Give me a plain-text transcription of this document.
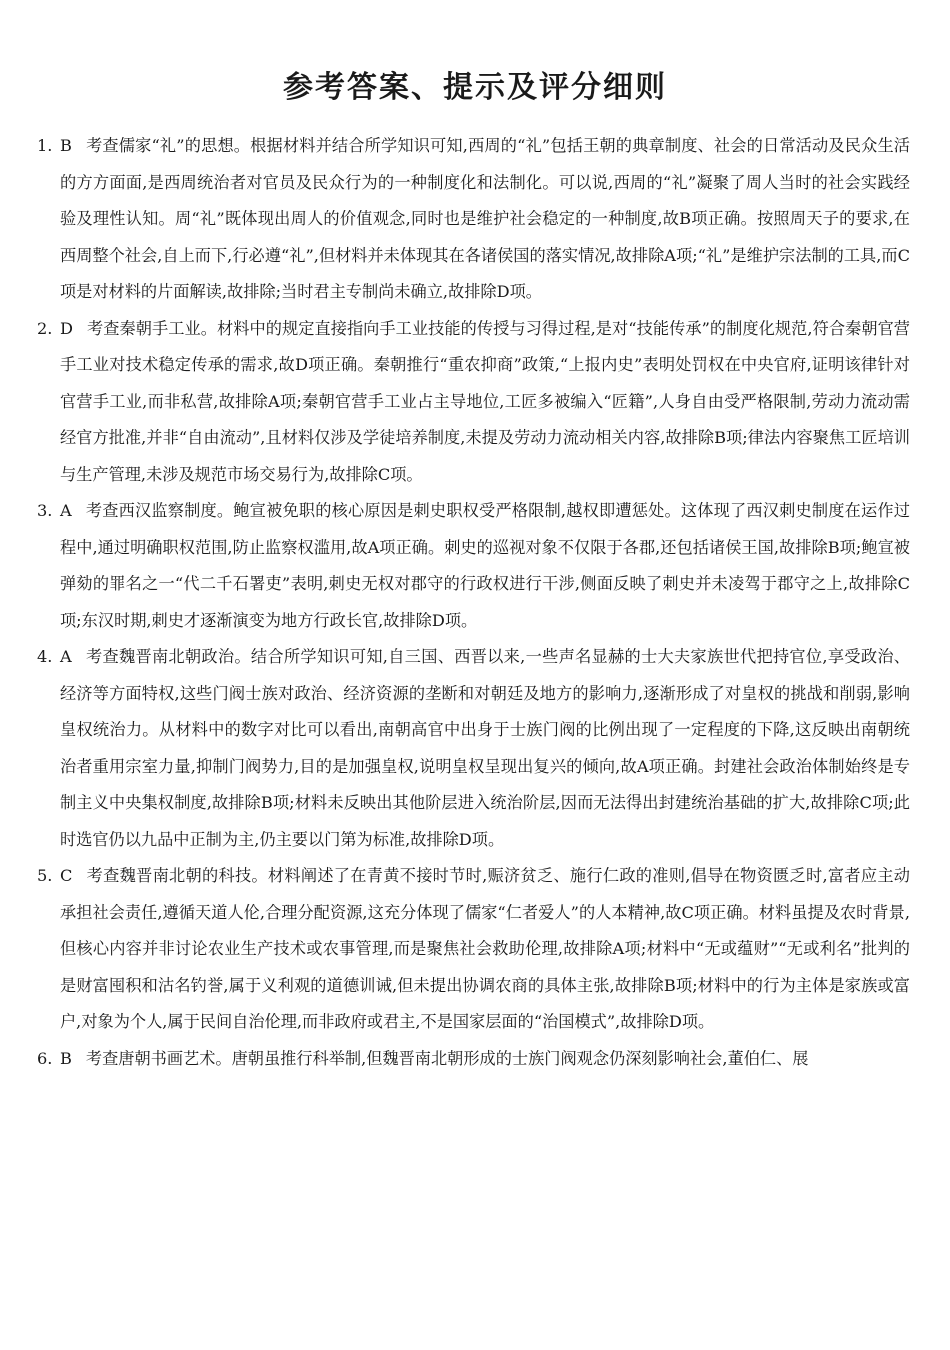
参考答案、提示及评分细则

1. B 考查儒家“礼”的思想。根据材料并结合所学知识可知,西周的“礼”包括王朝的典章制度、社会的日常活动及民众生活的方方面面,是西周统治者对官员及民众行为的一种制度化和法制化。可以说,西周的“礼”凝聚了周人当时的社会实践经验及理性认知。周“礼”既体现出周人的价值观念,同时也是维护社会稳定的一种制度,故B项正确。按照周天子的要求,在西周整个社会,自上而下,行必遵“礼”,但材料并未体现其在各诸侯国的落实情况,故排除A项;“礼”是维护宗法制的工具,而C项是对材料的片面解读,故排除;当时君主专制尚未确立,故排除D项。

2. D 考查秦朝手工业。材料中的规定直接指向手工业技能的传授与习得过程,是对“技能传承”的制度化规范,符合秦朝官营手工业对技术稳定传承的需求,故D项正确。秦朝推行“重农抑商”政策,“上报内史”表明处罚权在中央官府,证明该律针对官营手工业,而非私营,故排除A项;秦朝官营手工业占主导地位,工匠多被编入“匠籍”,人身自由受严格限制,劳动力流动需经官方批准,并非“自由流动”,且材料仅涉及学徒培养制度,未提及劳动力流动相关内容,故排除B项;律法内容聚焦工匠培训与生产管理,未涉及规范市场交易行为,故排除C项。

3. A 考查西汉监察制度。鲍宣被免职的核心原因是刺史职权受严格限制,越权即遭惩处。这体现了西汉刺史制度在运作过程中,通过明确职权范围,防止监察权滥用,故A项正确。刺史的巡视对象不仅限于各郡,还包括诸侯王国,故排除B项;鲍宣被弹劾的罪名之一“代二千石署吏”表明,刺史无权对郡守的行政权进行干涉,侧面反映了刺史并未凌驾于郡守之上,故排除C项;东汉时期,刺史才逐渐演变为地方行政长官,故排除D项。

4. A 考查魏晋南北朝政治。结合所学知识可知,自三国、西晋以来,一些声名显赫的士大夫家族世代把持官位,享受政治、经济等方面特权,这些门阀士族对政治、经济资源的垄断和对朝廷及地方的影响力,逐渐形成了对皇权的挑战和削弱,影响皇权统治力。从材料中的数字对比可以看出,南朝高官中出身于士族门阀的比例出现了一定程度的下降,这反映出南朝统治者重用宗室力量,抑制门阀势力,目的是加强皇权,说明皇权呈现出复兴的倾向,故A项正确。封建社会政治体制始终是专制主义中央集权制度,故排除B项;材料未反映出其他阶层进入统治阶层,因而无法得出封建统治基础的扩大,故排除C项;此时选官仍以九品中正制为主,仍主要以门第为标准,故排除D项。

5. C 考查魏晋南北朝的科技。材料阐述了在青黄不接时节时,赈济贫乏、施行仁政的准则,倡导在物资匮乏时,富者应主动承担社会责任,遵循天道人伦,合理分配资源,这充分体现了儒家“仁者爱人”的人本精神,故C项正确。材料虽提及农时背景,但核心内容并非讨论农业生产技术或农事管理,而是聚焦社会救助伦理,故排除A项;材料中“无或蕴财”“无或利名”批判的是财富囤积和沽名钓誉,属于义利观的道德训诫,但未提出协调农商的具体主张,故排除B项;材料中的行为主体是家族或富户,对象为个人,属于民间自治伦理,而非政府或君主,不是国家层面的“治国模式”,故排除D项。

6. B 考查唐朝书画艺术。唐朝虽推行科举制,但魏晋南北朝形成的士族门阀观念仍深刻影响社会,董伯仁、展
